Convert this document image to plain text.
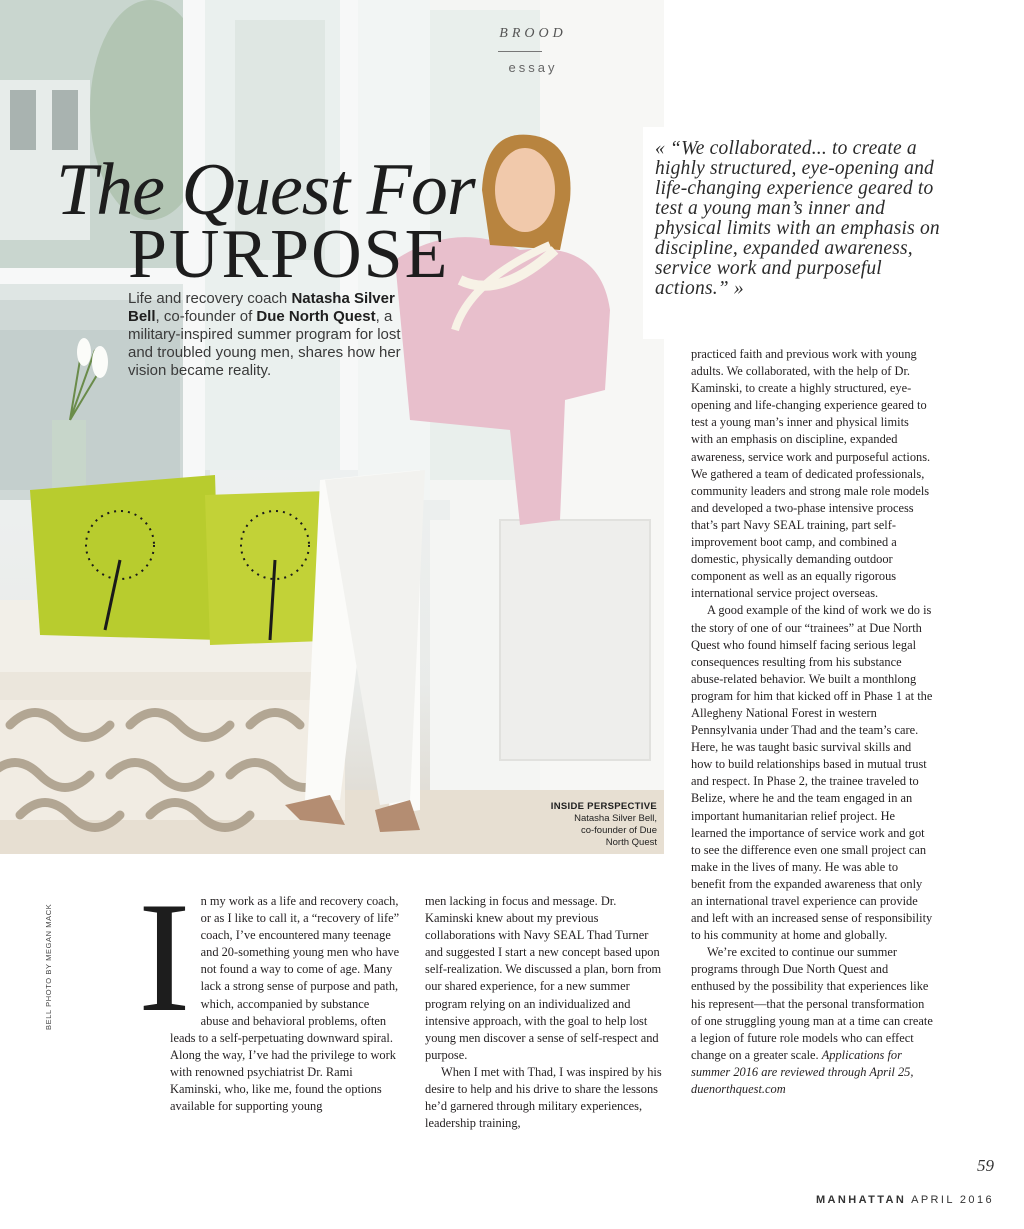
BROOD
essay
The Quest For
PURPOSE

Life and recovery coach Natasha Silver Bell, co-founder of Due North Quest, a military-inspired summer program for lost and troubled young men, shares how her vision became reality.

« “We collaborated... to create a highly structured, eye-opening and life-changing experience geared to test a young man’s inner and physical limits with an emphasis on discipline, expanded awareness, service work and purposeful actions.” »

INSIDE PERSPECTIVE
Natasha Silver Bell,
co-founder of Due
North Quest
I n my work as a life and recovery coach, or as I like to call it, a “recovery of life” coach, I’ve encountered many teenage and 20-something young men who have not found a way to come of age. Many lack a strong sense of purpose and path, which, accompanied by substance abuse and behavioral problems, often leads to a self-perpetuating downward spiral. Along the way, I’ve had the privilege to work with renowned psychiatrist Dr. Rami Kaminski, who, like me, found the options available for supporting young

men lacking in focus and message. Dr. Kaminski knew about my previous collaborations with Navy SEAL Thad Turner and suggested I start a new concept based upon self-realization. We discussed a plan, born from our shared experience, for a new summer program relying on an individualized and intensive approach, with the goal to help lost young men discover a sense of self-respect and purpose.

When I met with Thad, I was inspired by his desire to help and his drive to share the lessons he’d garnered through military experiences, leadership training,

practiced faith and previous work with young adults. We collaborated, with the help of Dr. Kaminski, to create a highly structured, eye-opening and life-changing experience geared to test a young man’s inner and physical limits with an emphasis on discipline, expanded awareness, service work and purposeful actions. We gathered a team of dedicated professionals, community leaders and strong male role models and developed a two-phase intensive process that’s part Navy SEAL training, part self-improvement boot camp, and combined a domestic, physically demanding outdoor component as well as an equally rigorous international service project overseas.

A good example of the kind of work we do is the story of one of our “trainees” at Due North Quest who found himself facing serious legal consequences resulting from his substance abuse-related behavior. We built a monthlong program for him that kicked off in Phase 1 at the Allegheny National Forest in western Pennsylvania under Thad and the team’s care. Here, he was taught basic survival skills and how to build relationships based in mutual trust and respect. In Phase 2, the trainee traveled to Belize, where he and the team engaged in an important humanitarian relief project. He learned the importance of service work and got to see the difference even one small project can make in the lives of many. He was able to benefit from the expanded awareness that only an international travel experience can provide and left with an increased sense of responsibility to his community at home and globally.

We’re excited to continue our summer programs through Due North Quest and enthused by the possibility that experiences like his represent—that the personal transformation of one struggling young man at a time can create a legion of future role models who can effect change on a greater scale. Applications for summer 2016 are reviewed through April 25, duenorthquest.com

BELL PHOTO BY MEGAN MACK
59
MANHATTAN APRIL 2016
